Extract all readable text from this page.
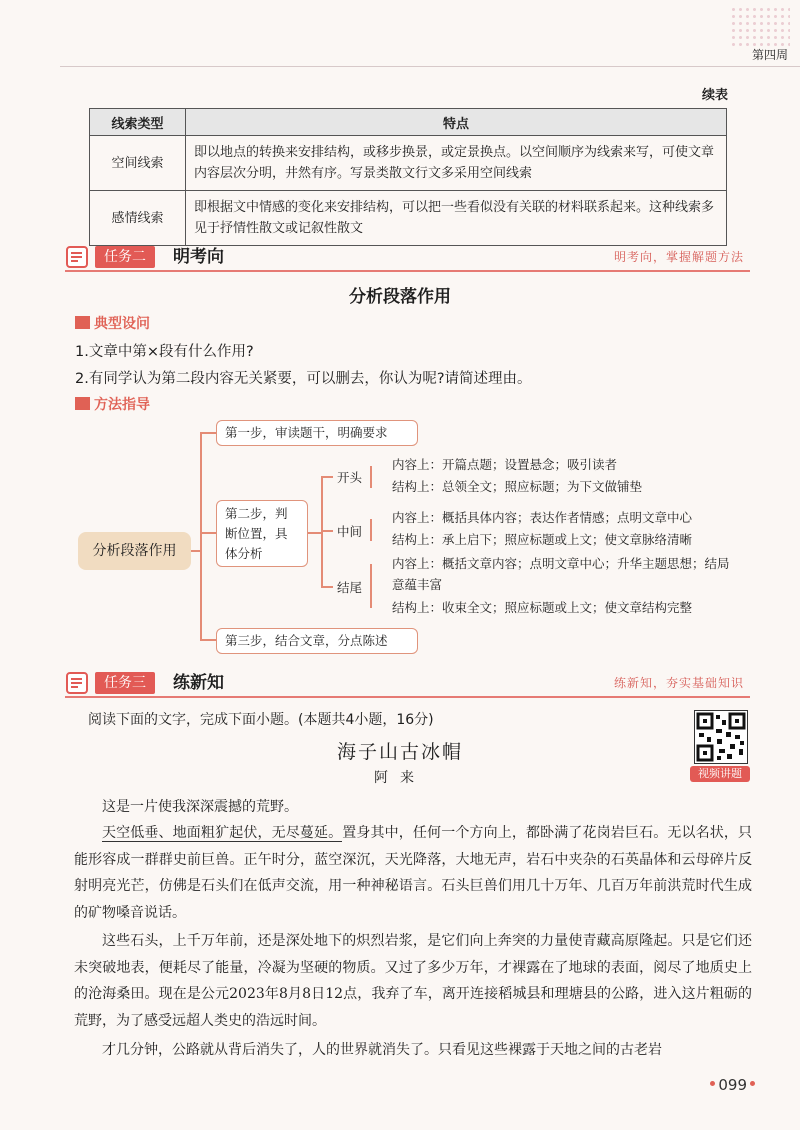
第四周
续表
线索类型	特点
空间线索	即以地点的转换来安排结构，或移步换景，或定景换点。以空间顺序为线索来写，可使文章内容层次分明，井然有序。写景类散文行文多采用空间线索
感情线索	即根据文中情感的变化来安排结构，可以把一些看似没有关联的材料联系起来。这种线索多见于抒情性散文或记叙性散文
任务二	明考向	明考向，掌握解题方法
分析段落作用
典型设问
1.文章中第×段有什么作用?
2.有同学认为第二段内容无关紧要，可以删去，你认为呢?请简述理由。
方法指导
分析段落作用
第一步，审读题干，明确要求
第二步，判断位置，具体分析
第三步，结合文章，分点陈述
开头
中间
结尾
内容上：开篇点题；设置悬念；吸引读者
结构上：总领全文；照应标题；为下文做铺垫
内容上：概括具体内容；表达作者情感；点明文章中心
结构上：承上启下；照应标题或上文；使文章脉络清晰
内容上：概括文章内容；点明文章中心；升华主题思想；结局意蕴丰富
结构上：收束全文；照应标题或上文；使文章结构完整
任务三	练新知	练新知，夯实基础知识
阅读下面的文字，完成下面小题。(本题共4小题，16分)
视频讲题
海子山古冰帽
阿来
这是一片使我深深震撼的荒野。
天空低垂、地面粗犷起伏，无尽蔓延。置身其中，任何一个方向上，都卧满了花岗岩巨石。无以名状，只能形容成一群群史前巨兽。正午时分，蓝空深沉，天光降落，大地无声，岩石中夹杂的石英晶体和云母碎片反射明亮光芒，仿佛是石头们在低声交流，用一种神秘语言。石头巨兽们用几十万年、几百万年前洪荒时代生成的矿物嗓音说话。
这些石头，上千万年前，还是深处地下的炽烈岩浆，是它们向上奔突的力量使青藏高原隆起。只是它们还未突破地表，便耗尽了能量，冷凝为坚硬的物质。又过了多少万年，才裸露在了地球的表面，阅尽了地质史上的沧海桑田。现在是公元2023年8月8日12点，我弃了车，离开连接稻城县和理塘县的公路，进入这片粗砺的荒野，为了感受远超人类史的浩远时间。
才几分钟，公路就从背后消失了，人的世界就消失了。只看见这些裸露于天地之间的古老岩
099
